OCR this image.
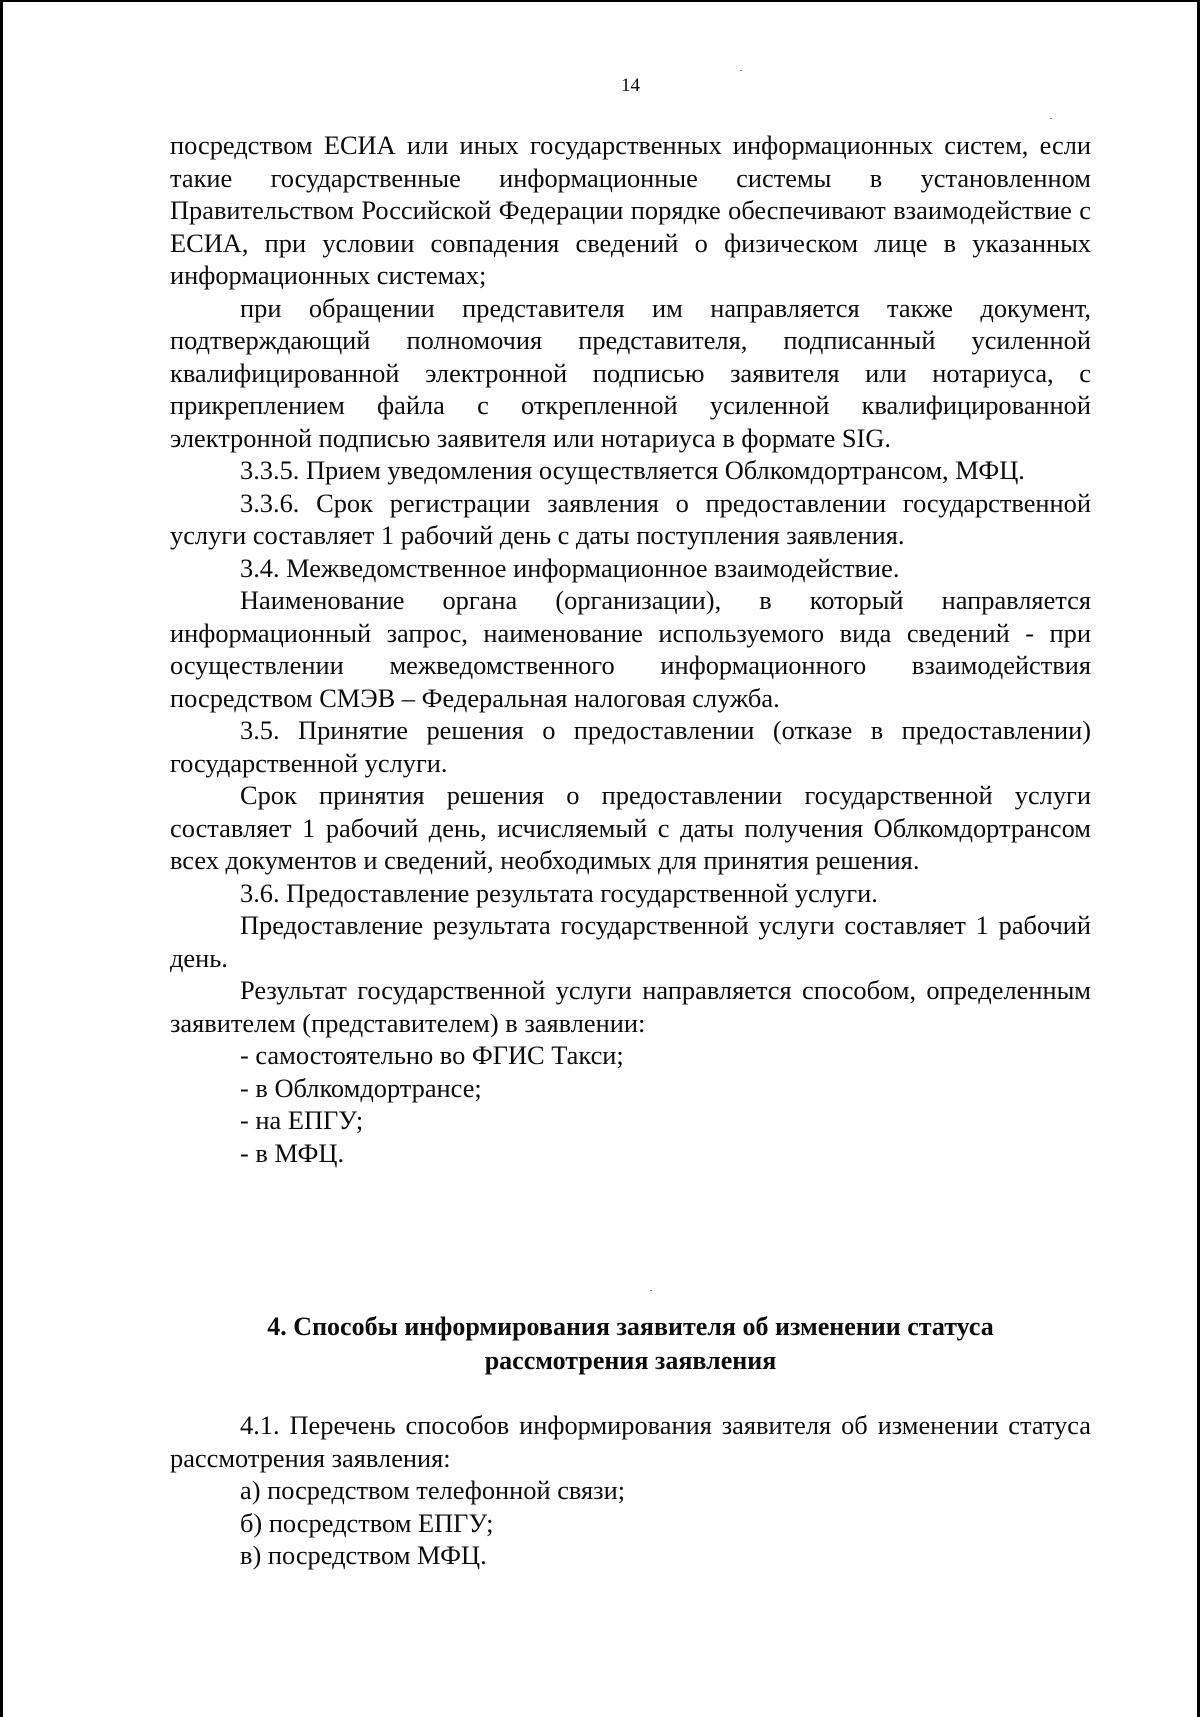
14

посредством ЕСИА или иных государственных информационных систем, если такие государственные информационные системы в установленном Правительством Российской Федерации порядке обеспечивают взаимодействие с ЕСИА, при условии совпадения сведений о физическом лице в указанных информационных системах;

при обращении представителя им направляется также документ, подтверждающий полномочия представителя, подписанный усиленной квалифицированной электронной подписью заявителя или нотариуса, с прикреплением файла с открепленной усиленной квалифицированной электронной подписью заявителя или нотариуса в формате SIG.

3.3.5. Прием уведомления осуществляется Облкомдортрансом, МФЦ.

3.3.6. Срок регистрации заявления о предоставлении государственной услуги составляет 1 рабочий день с даты поступления заявления.

3.4. Межведомственное информационное взаимодействие.

Наименование органа (организации), в который направляется информационный запрос, наименование используемого вида сведений - при осуществлении межведомственного информационного взаимодействия посредством СМЭВ – Федеральная налоговая служба.

3.5. Принятие решения о предоставлении (отказе в предоставлении) государственной услуги.

Срок принятия решения о предоставлении государственной услуги составляет 1 рабочий день, исчисляемый с даты получения Облкомдортрансом всех документов и сведений, необходимых для принятия решения.

3.6. Предоставление результата государственной услуги.

Предоставление результата государственной услуги составляет 1 рабочий день.

Результат государственной услуги направляется способом, определенным заявителем (представителем) в заявлении:

- самостоятельно во ФГИС Такси;

- в Облкомдортрансе;

- на ЕПГУ;

- в МФЦ.

4. Способы информирования заявителя об изменении статуса
рассмотрения заявления

4.1. Перечень способов информирования заявителя об изменении статуса рассмотрения заявления:

а) посредством телефонной связи;

б) посредством ЕПГУ;

в) посредством МФЦ.
